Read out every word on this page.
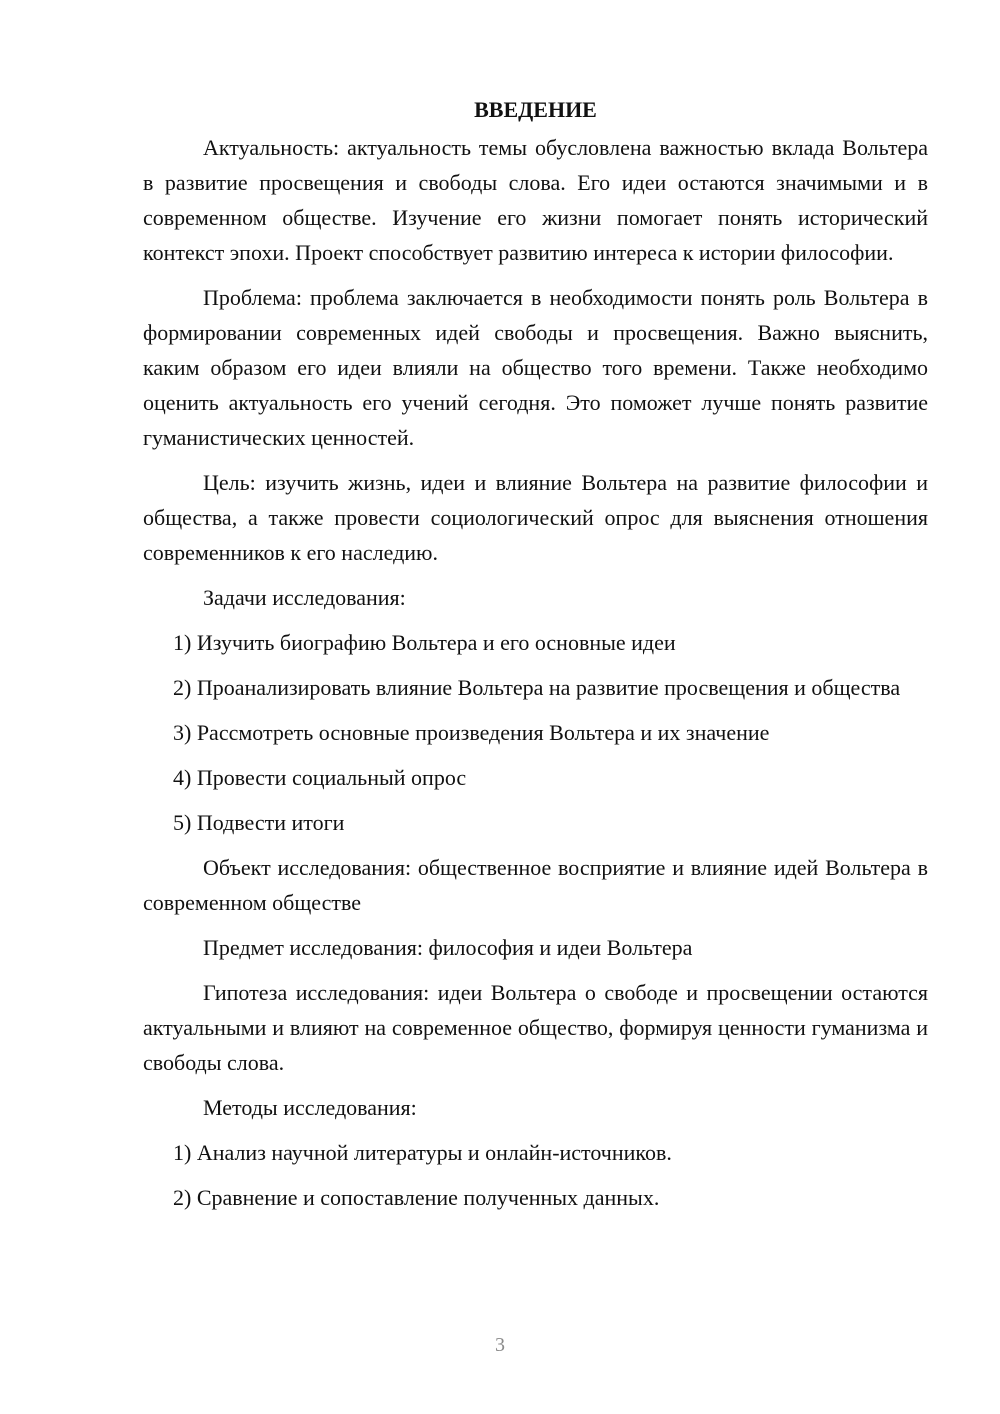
ВВЕДЕНИЕ

Актуальность: актуальность темы обусловлена важностью вклада Вольтера в развитие просвещения и свободы слова. Его идеи остаются значимыми и в современном обществе. Изучение его жизни помогает понять исторический контекст эпохи. Проект способствует развитию интереса к истории философии.

Проблема: проблема заключается в необходимости понять роль Вольтера в формировании современных идей свободы и просвещения. Важно выяснить, каким образом его идеи влияли на общество того времени. Также необходимо оценить актуальность его учений сегодня. Это поможет лучше понять развитие гуманистических ценностей.

Цель: изучить жизнь, идеи и влияние Вольтера на развитие философии и общества, а также провести социологический опрос для выяснения отношения современников к его наследию.

Задачи исследования:

1) Изучить биографию Вольтера и его основные идеи

2) Проанализировать влияние Вольтера на развитие просвещения и общества

3) Рассмотреть основные произведения Вольтера и их значение

4) Провести социальный опрос

5) Подвести итоги

Объект исследования: общественное восприятие и влияние идей Вольтера в современном обществе

Предмет исследования: философия и идеи Вольтера

Гипотеза исследования: идеи Вольтера о свободе и просвещении остаются актуальными и влияют на современное общество, формируя ценности гуманизма и свободы слова.

Методы исследования:

1) Анализ научной литературы и онлайн-источников.

2) Сравнение и сопоставление полученных данных.

3
